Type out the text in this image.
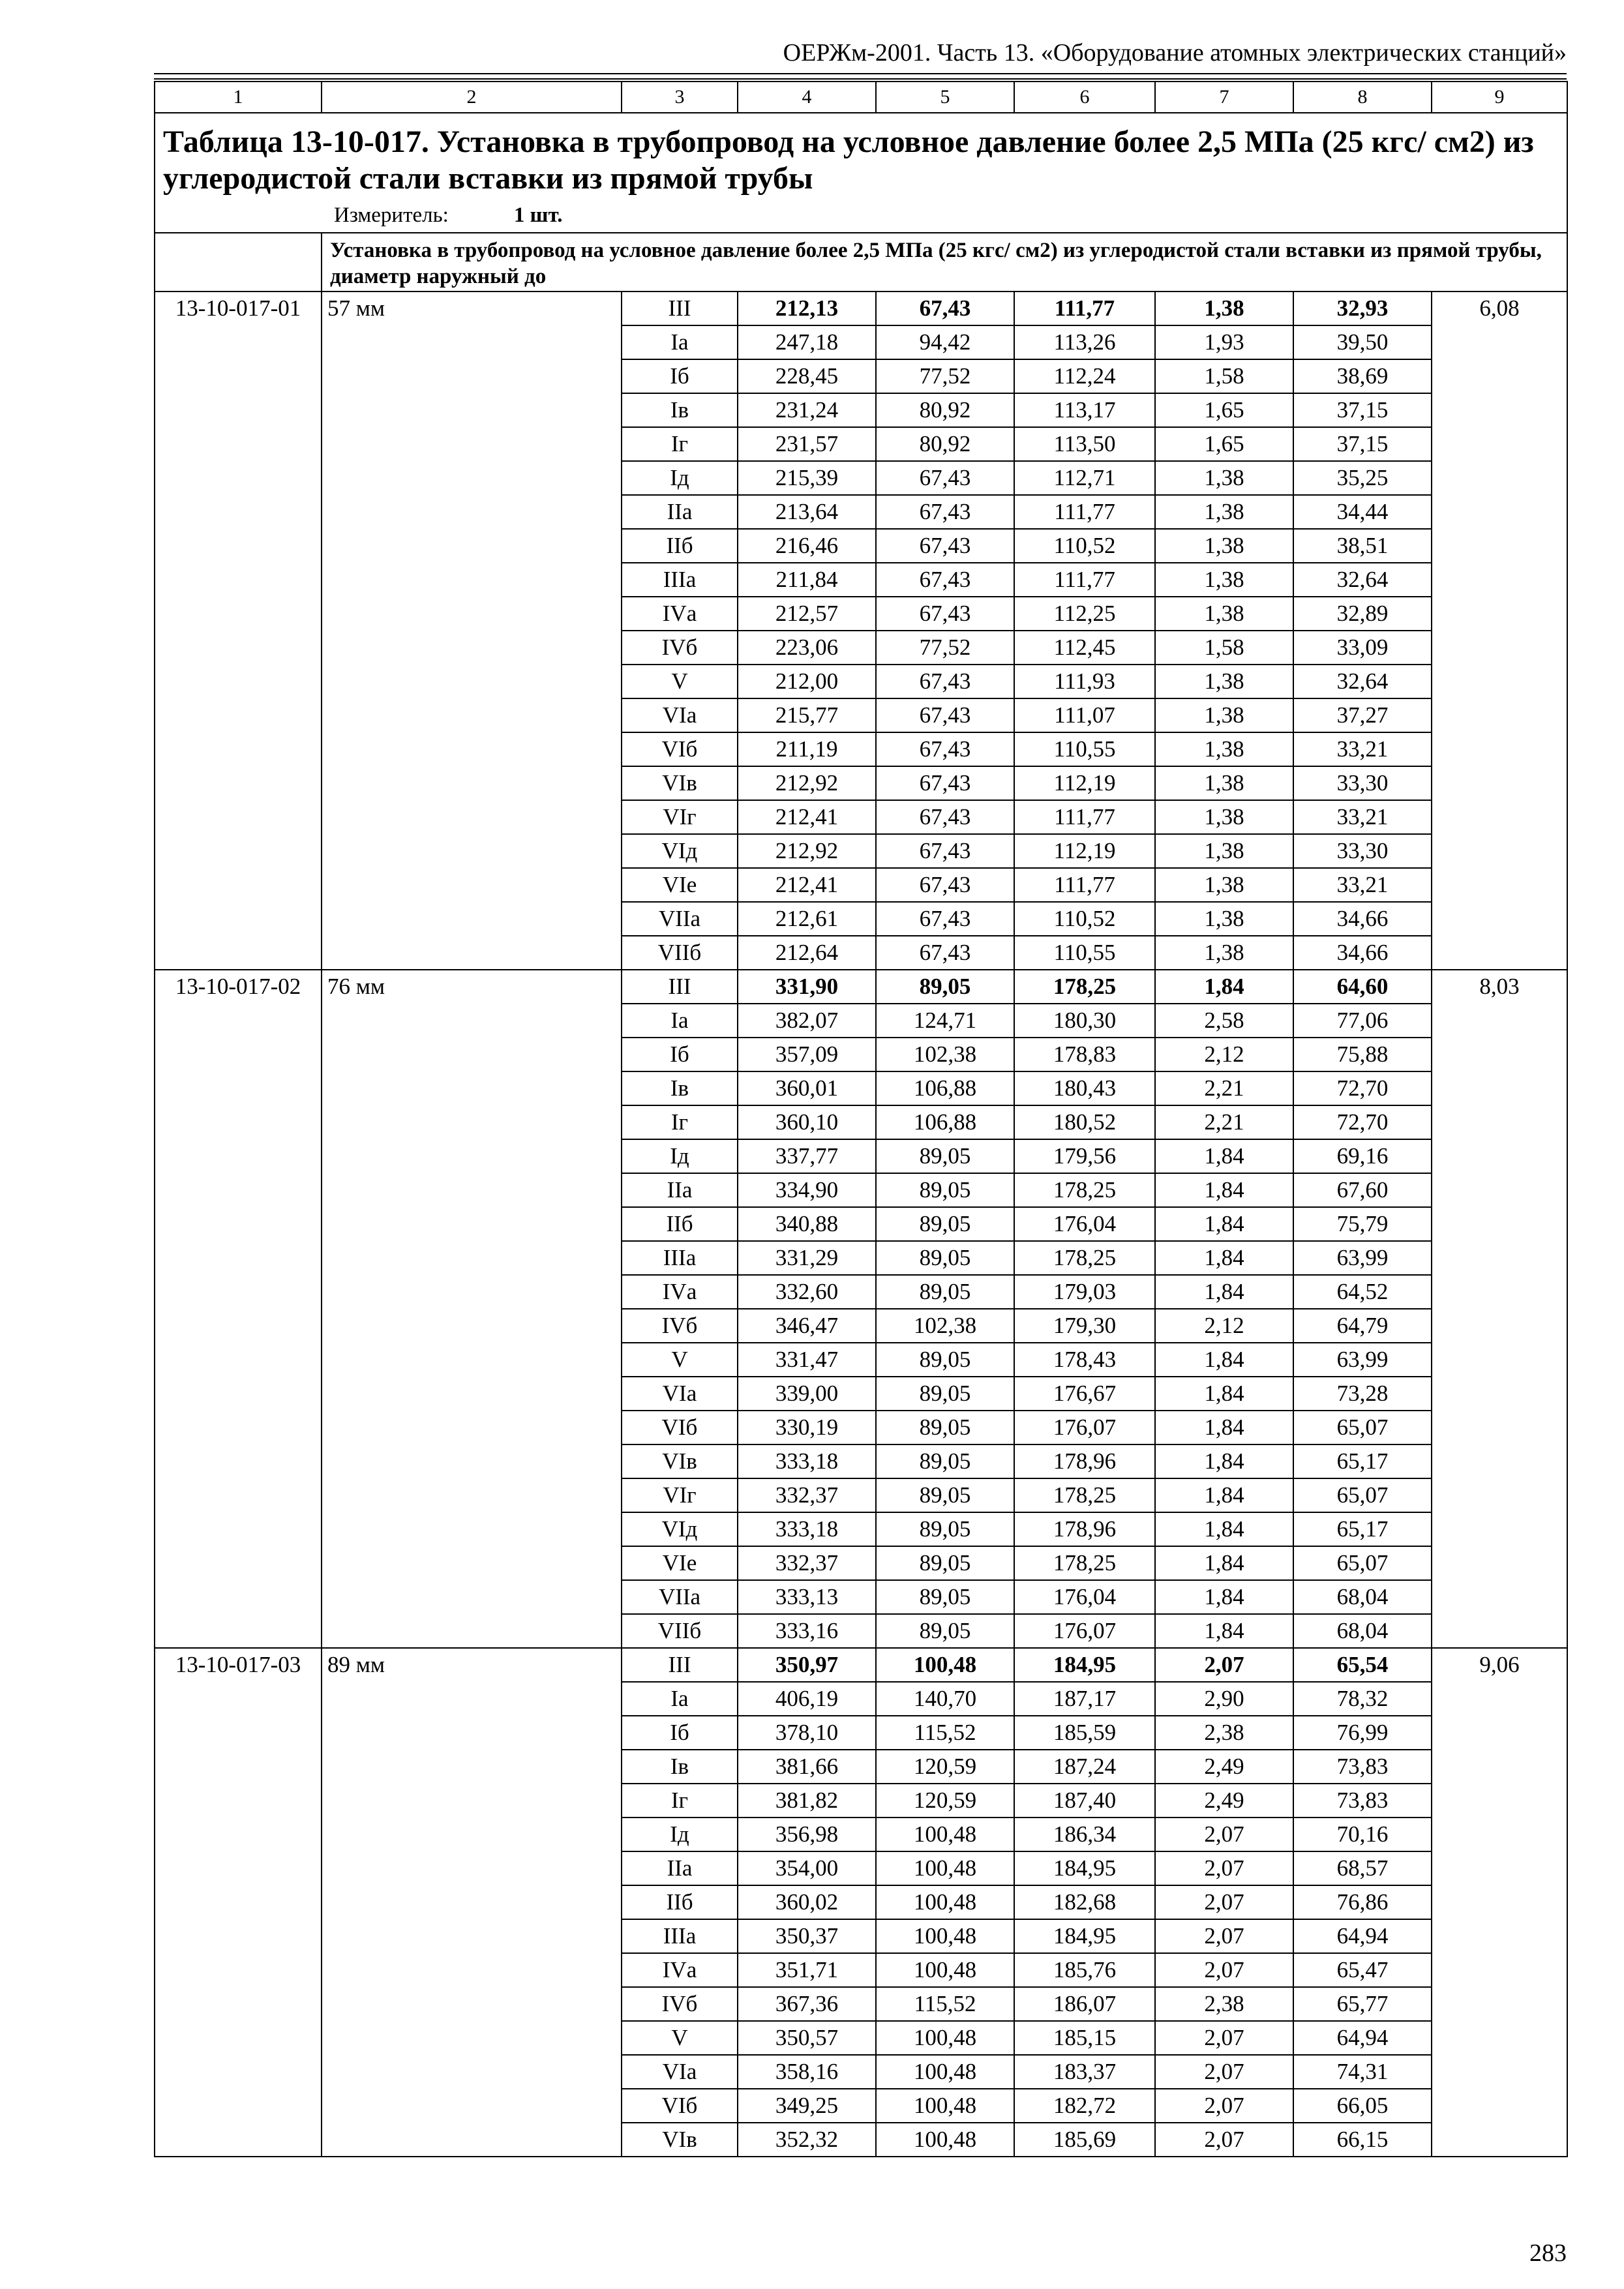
ОЕРЖм-2001. Часть 13. «Оборудование атомных электрических станций»
1	2	3	4	5	6	7	8	9

Таблица 13-10-017. Установка в трубопровод на условное давление более 2,5 МПа (25 кгс/ см2) из углеродистой стали вставки из прямой трубы
Измеритель: 1 шт.								

	Установка в трубопровод на условное давление более 2,5 МПа (25 кгс/ см2) из углеродистой стали вставки из прямой трубы, диаметр наружный до							
13-10-017-01	57 мм	III	212,13	67,43	111,77	1,38	32,93	6,08
		Iа	247,18	94,42	113,26	1,93	39,50	
		Iб	228,45	77,52	112,24	1,58	38,69	
		Iв	231,24	80,92	113,17	1,65	37,15	
		Iг	231,57	80,92	113,50	1,65	37,15	
		Iд	215,39	67,43	112,71	1,38	35,25	
		IIа	213,64	67,43	111,77	1,38	34,44	
		IIб	216,46	67,43	110,52	1,38	38,51	
		IIIа	211,84	67,43	111,77	1,38	32,64	
		IVа	212,57	67,43	112,25	1,38	32,89	
		IVб	223,06	77,52	112,45	1,58	33,09	
		V	212,00	67,43	111,93	1,38	32,64	
		VIа	215,77	67,43	111,07	1,38	37,27	
		VIб	211,19	67,43	110,55	1,38	33,21	
		VIв	212,92	67,43	112,19	1,38	33,30	
		VIг	212,41	67,43	111,77	1,38	33,21	
		VIд	212,92	67,43	112,19	1,38	33,30	
		VIе	212,41	67,43	111,77	1,38	33,21	
		VIIа	212,61	67,43	110,52	1,38	34,66	
		VIIб	212,64	67,43	110,55	1,38	34,66	
13-10-017-02	76 мм	III	331,90	89,05	178,25	1,84	64,60	8,03
		Iа	382,07	124,71	180,30	2,58	77,06	
		Iб	357,09	102,38	178,83	2,12	75,88	
		Iв	360,01	106,88	180,43	2,21	72,70	
		Iг	360,10	106,88	180,52	2,21	72,70	
		Iд	337,77	89,05	179,56	1,84	69,16	
		IIа	334,90	89,05	178,25	1,84	67,60	
		IIб	340,88	89,05	176,04	1,84	75,79	
		IIIа	331,29	89,05	178,25	1,84	63,99	
		IVа	332,60	89,05	179,03	1,84	64,52	
		IVб	346,47	102,38	179,30	2,12	64,79	
		V	331,47	89,05	178,43	1,84	63,99	
		VIа	339,00	89,05	176,67	1,84	73,28	
		VIб	330,19	89,05	176,07	1,84	65,07	
		VIв	333,18	89,05	178,96	1,84	65,17	
		VIг	332,37	89,05	178,25	1,84	65,07	
		VIд	333,18	89,05	178,96	1,84	65,17	
		VIе	332,37	89,05	178,25	1,84	65,07	
		VIIа	333,13	89,05	176,04	1,84	68,04	
		VIIб	333,16	89,05	176,07	1,84	68,04	
13-10-017-03	89 мм	III	350,97	100,48	184,95	2,07	65,54	9,06
		Iа	406,19	140,70	187,17	2,90	78,32	
		Iб	378,10	115,52	185,59	2,38	76,99	
		Iв	381,66	120,59	187,24	2,49	73,83	
		Iг	381,82	120,59	187,40	2,49	73,83	
		Iд	356,98	100,48	186,34	2,07	70,16	
		IIа	354,00	100,48	184,95	2,07	68,57	
		IIб	360,02	100,48	182,68	2,07	76,86	
		IIIа	350,37	100,48	184,95	2,07	64,94	
		IVа	351,71	100,48	185,76	2,07	65,47	
		IVб	367,36	115,52	186,07	2,38	65,77	
		V	350,57	100,48	185,15	2,07	64,94	
		VIа	358,16	100,48	183,37	2,07	74,31	
		VIб	349,25	100,48	182,72	2,07	66,05	
		VIв	352,32	100,48	185,69	2,07	66,15	
283
